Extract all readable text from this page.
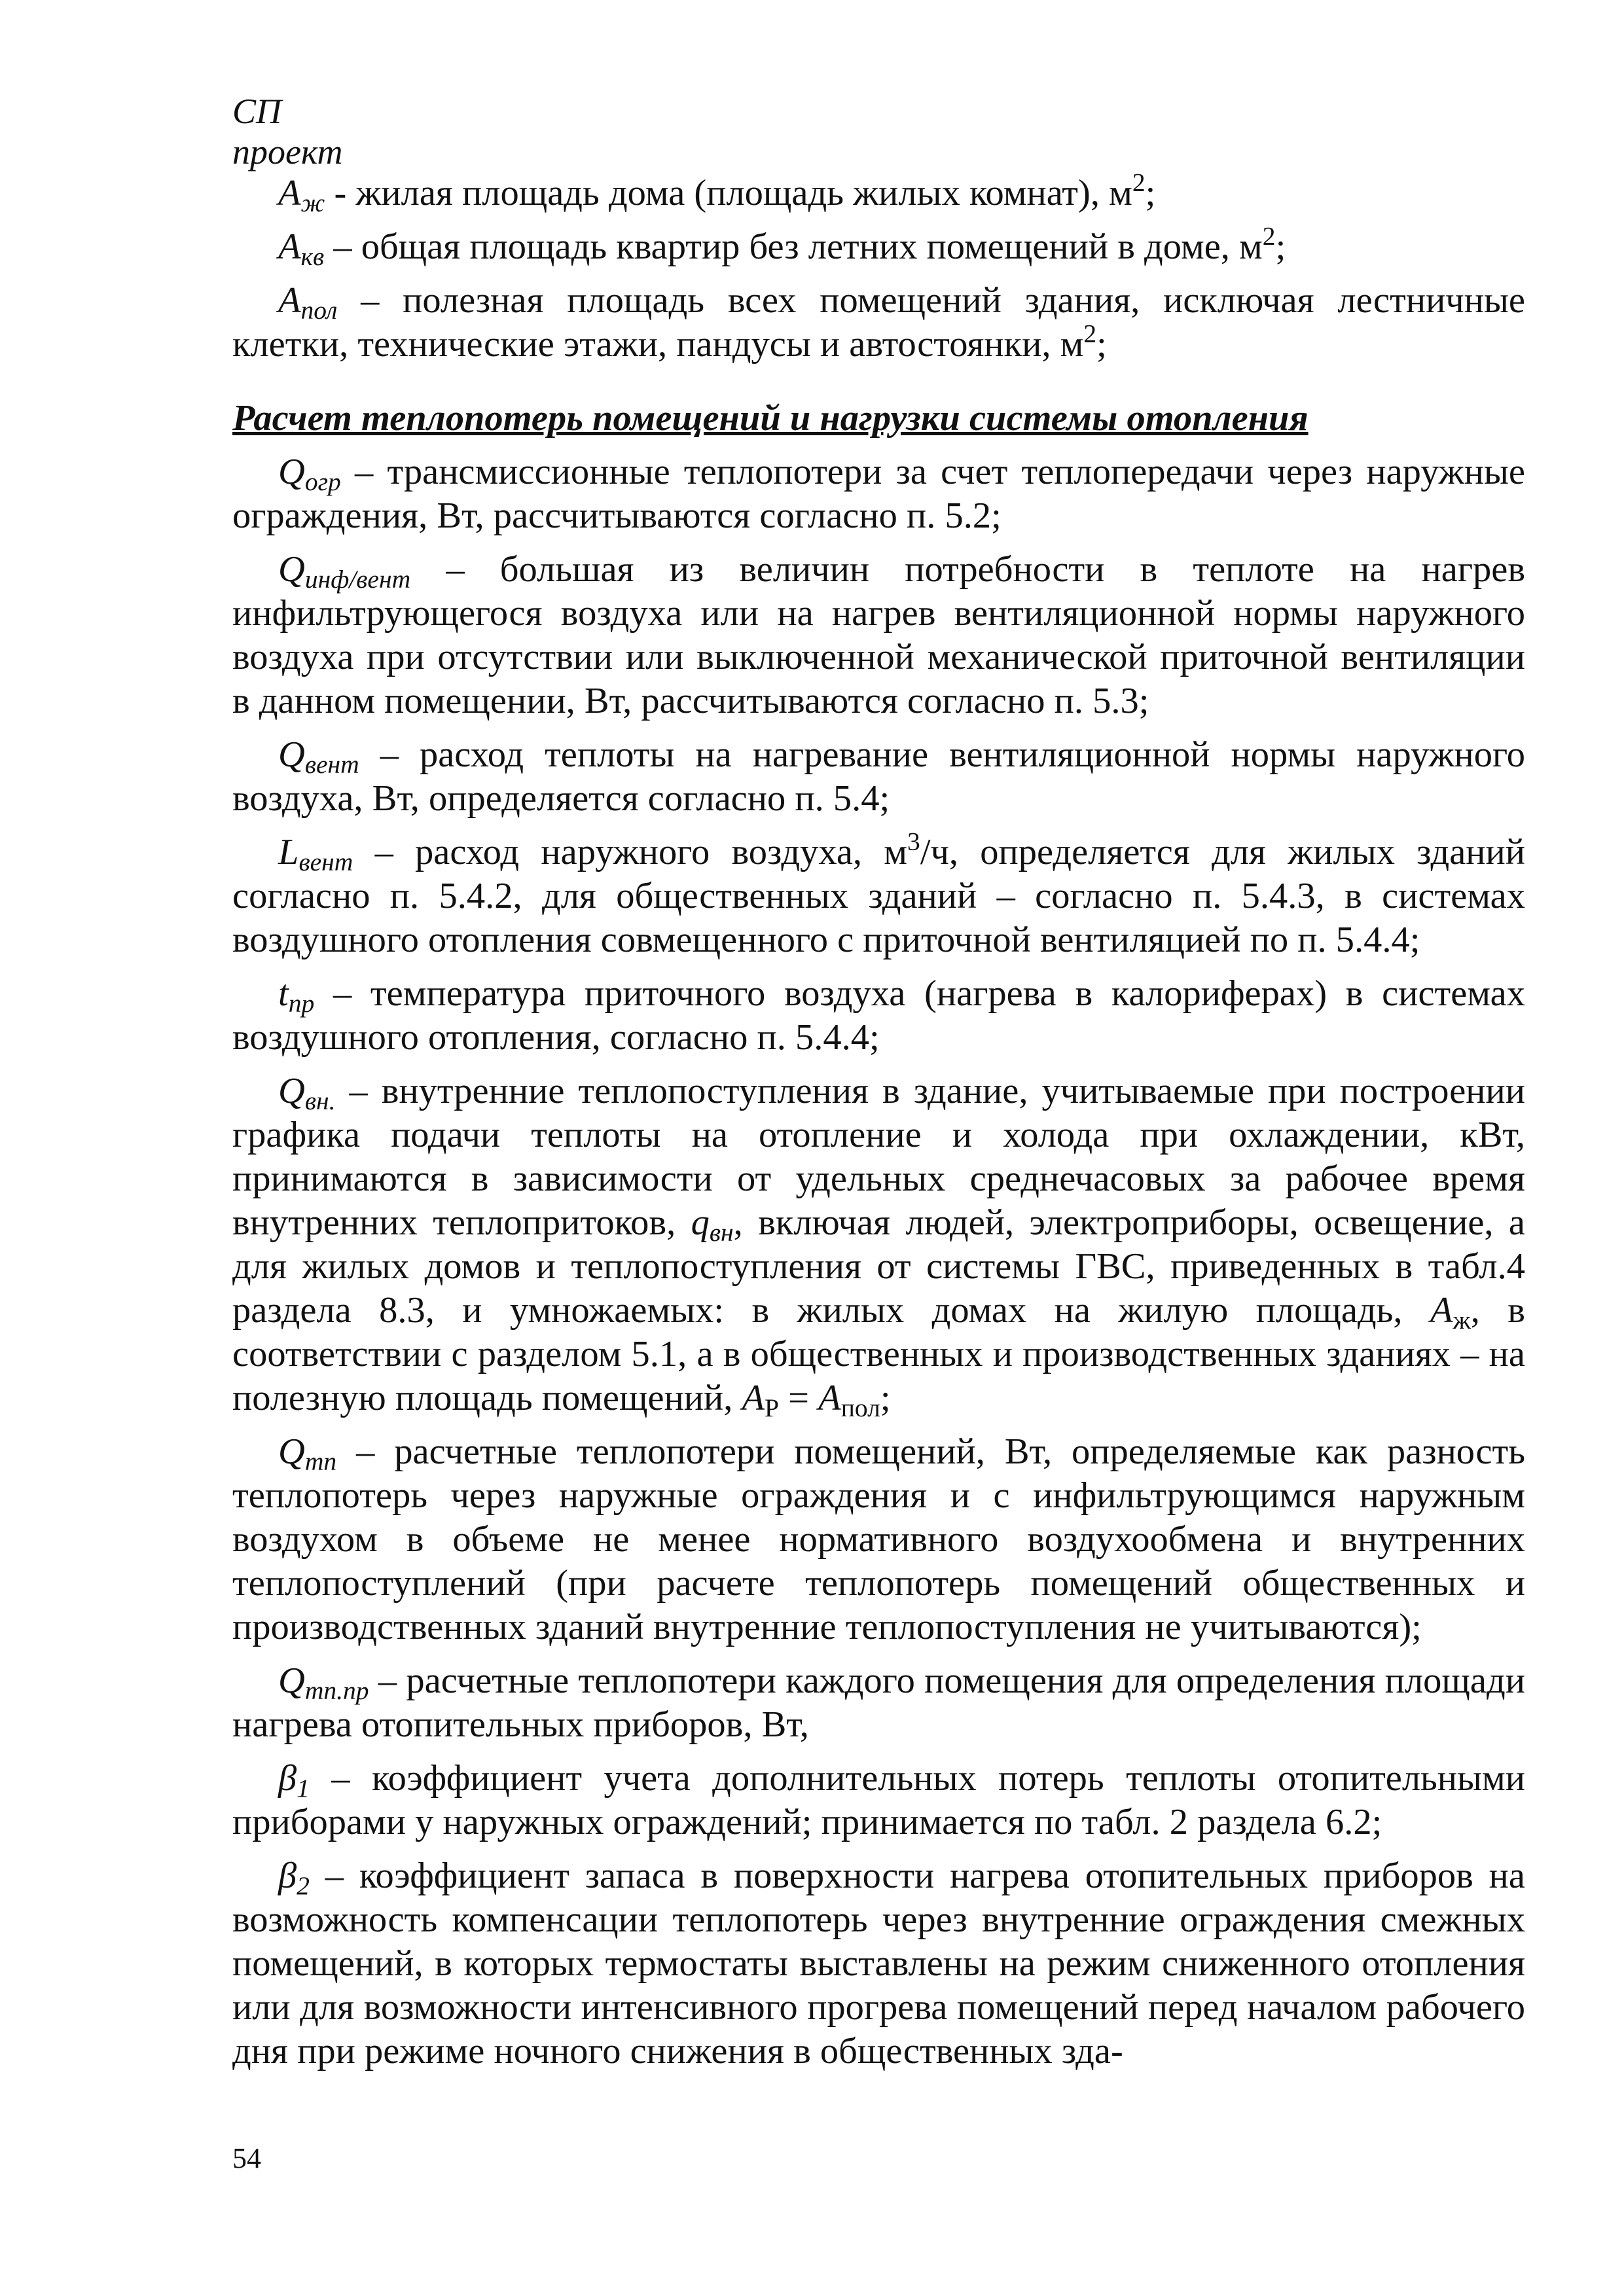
СП
проект

$A_ж$ - жилая площадь дома (площадь жилых комнат), $м^2$;

$A_{кв}$ – общая площадь квартир без летних помещений в доме, $м^2$;

$A_{пол}$ – полезная площадь всех помещений здания, исключая лестничные клетки, технические этажи, пандусы и автостоянки, $м^2$;

Расчет теплопотерь помещений и нагрузки системы отопления

$Q_{огр}$ – трансмиссионные теплопотери за счет теплопередачи через наружные ограждения, Вт, рассчитываются согласно п. 5.2;

$Q_{инф/вент}$ – большая из величин потребности в теплоте на нагрев инфильтрующегося воздуха или на нагрев вентиляционной нормы наружного воздуха при отсутствии или выключенной механической приточной вентиляции в данном помещении, Вт, рассчитываются согласно п. 5.3;

$Q_{вент}$ – расход теплоты на нагревание вентиляционной нормы наружного воздуха, Вт, определяется согласно п. 5.4;

$L_{вент}$ – расход наружного воздуха, $м^3/ч$, определяется для жилых зданий согласно п. 5.4.2, для общественных зданий – согласно п. 5.4.3, в системах воздушного отопления совмещенного с приточной вентиляцией по п. 5.4.4;

$t_{пр}$ – температура приточного воздуха (нагрева в калориферах) в системах воздушного отопления, согласно п. 5.4.4;

$Q_{вн.}$ – внутренние теплопоступления в здание, учитываемые при построении графика подачи теплоты на отопление и холода при охлаждении, кВт, принимаются в зависимости от удельных среднечасовых за рабочее время внутренних теплопритоков, $q_{вн}$, включая людей, электроприборы, освещение, а для жилых домов и теплопоступления от системы ГВС, приведенных в табл.4 раздела 8.3, и умножаемых: в жилых домах на жилую площадь, $A_ж$, в соответствии с разделом 5.1, а в общественных и производственных зданиях – на полезную площадь помещений, $A_Р = A_{пол}$;

$Q_{тп}$ – расчетные теплопотери помещений, Вт, определяемые как разность теплопотерь через наружные ограждения и с инфильтрующимся наружным воздухом в объеме не менее нормативного воздухообмена и внутренних теплопоступлений (при расчете теплопотерь помещений общественных и производственных зданий внутренние теплопоступления не учитываются);

$Q_{тп.пр}$ – расчетные теплопотери каждого помещения для определения площади нагрева отопительных приборов, Вт,

$\beta_1$ – коэффициент учета дополнительных потерь теплоты отопительными приборами у наружных ограждений; принимается по табл. 2 раздела 6.2;

$\beta_2$ – коэффициент запаса в поверхности нагрева отопительных приборов на возможность компенсации теплопотерь через внутренние ограждения смежных помещений, в которых термостаты выставлены на режим сниженного отопления или для возможности интенсивного прогрева помещений перед началом рабочего дня при режиме ночного снижения в общественных зда-

54
